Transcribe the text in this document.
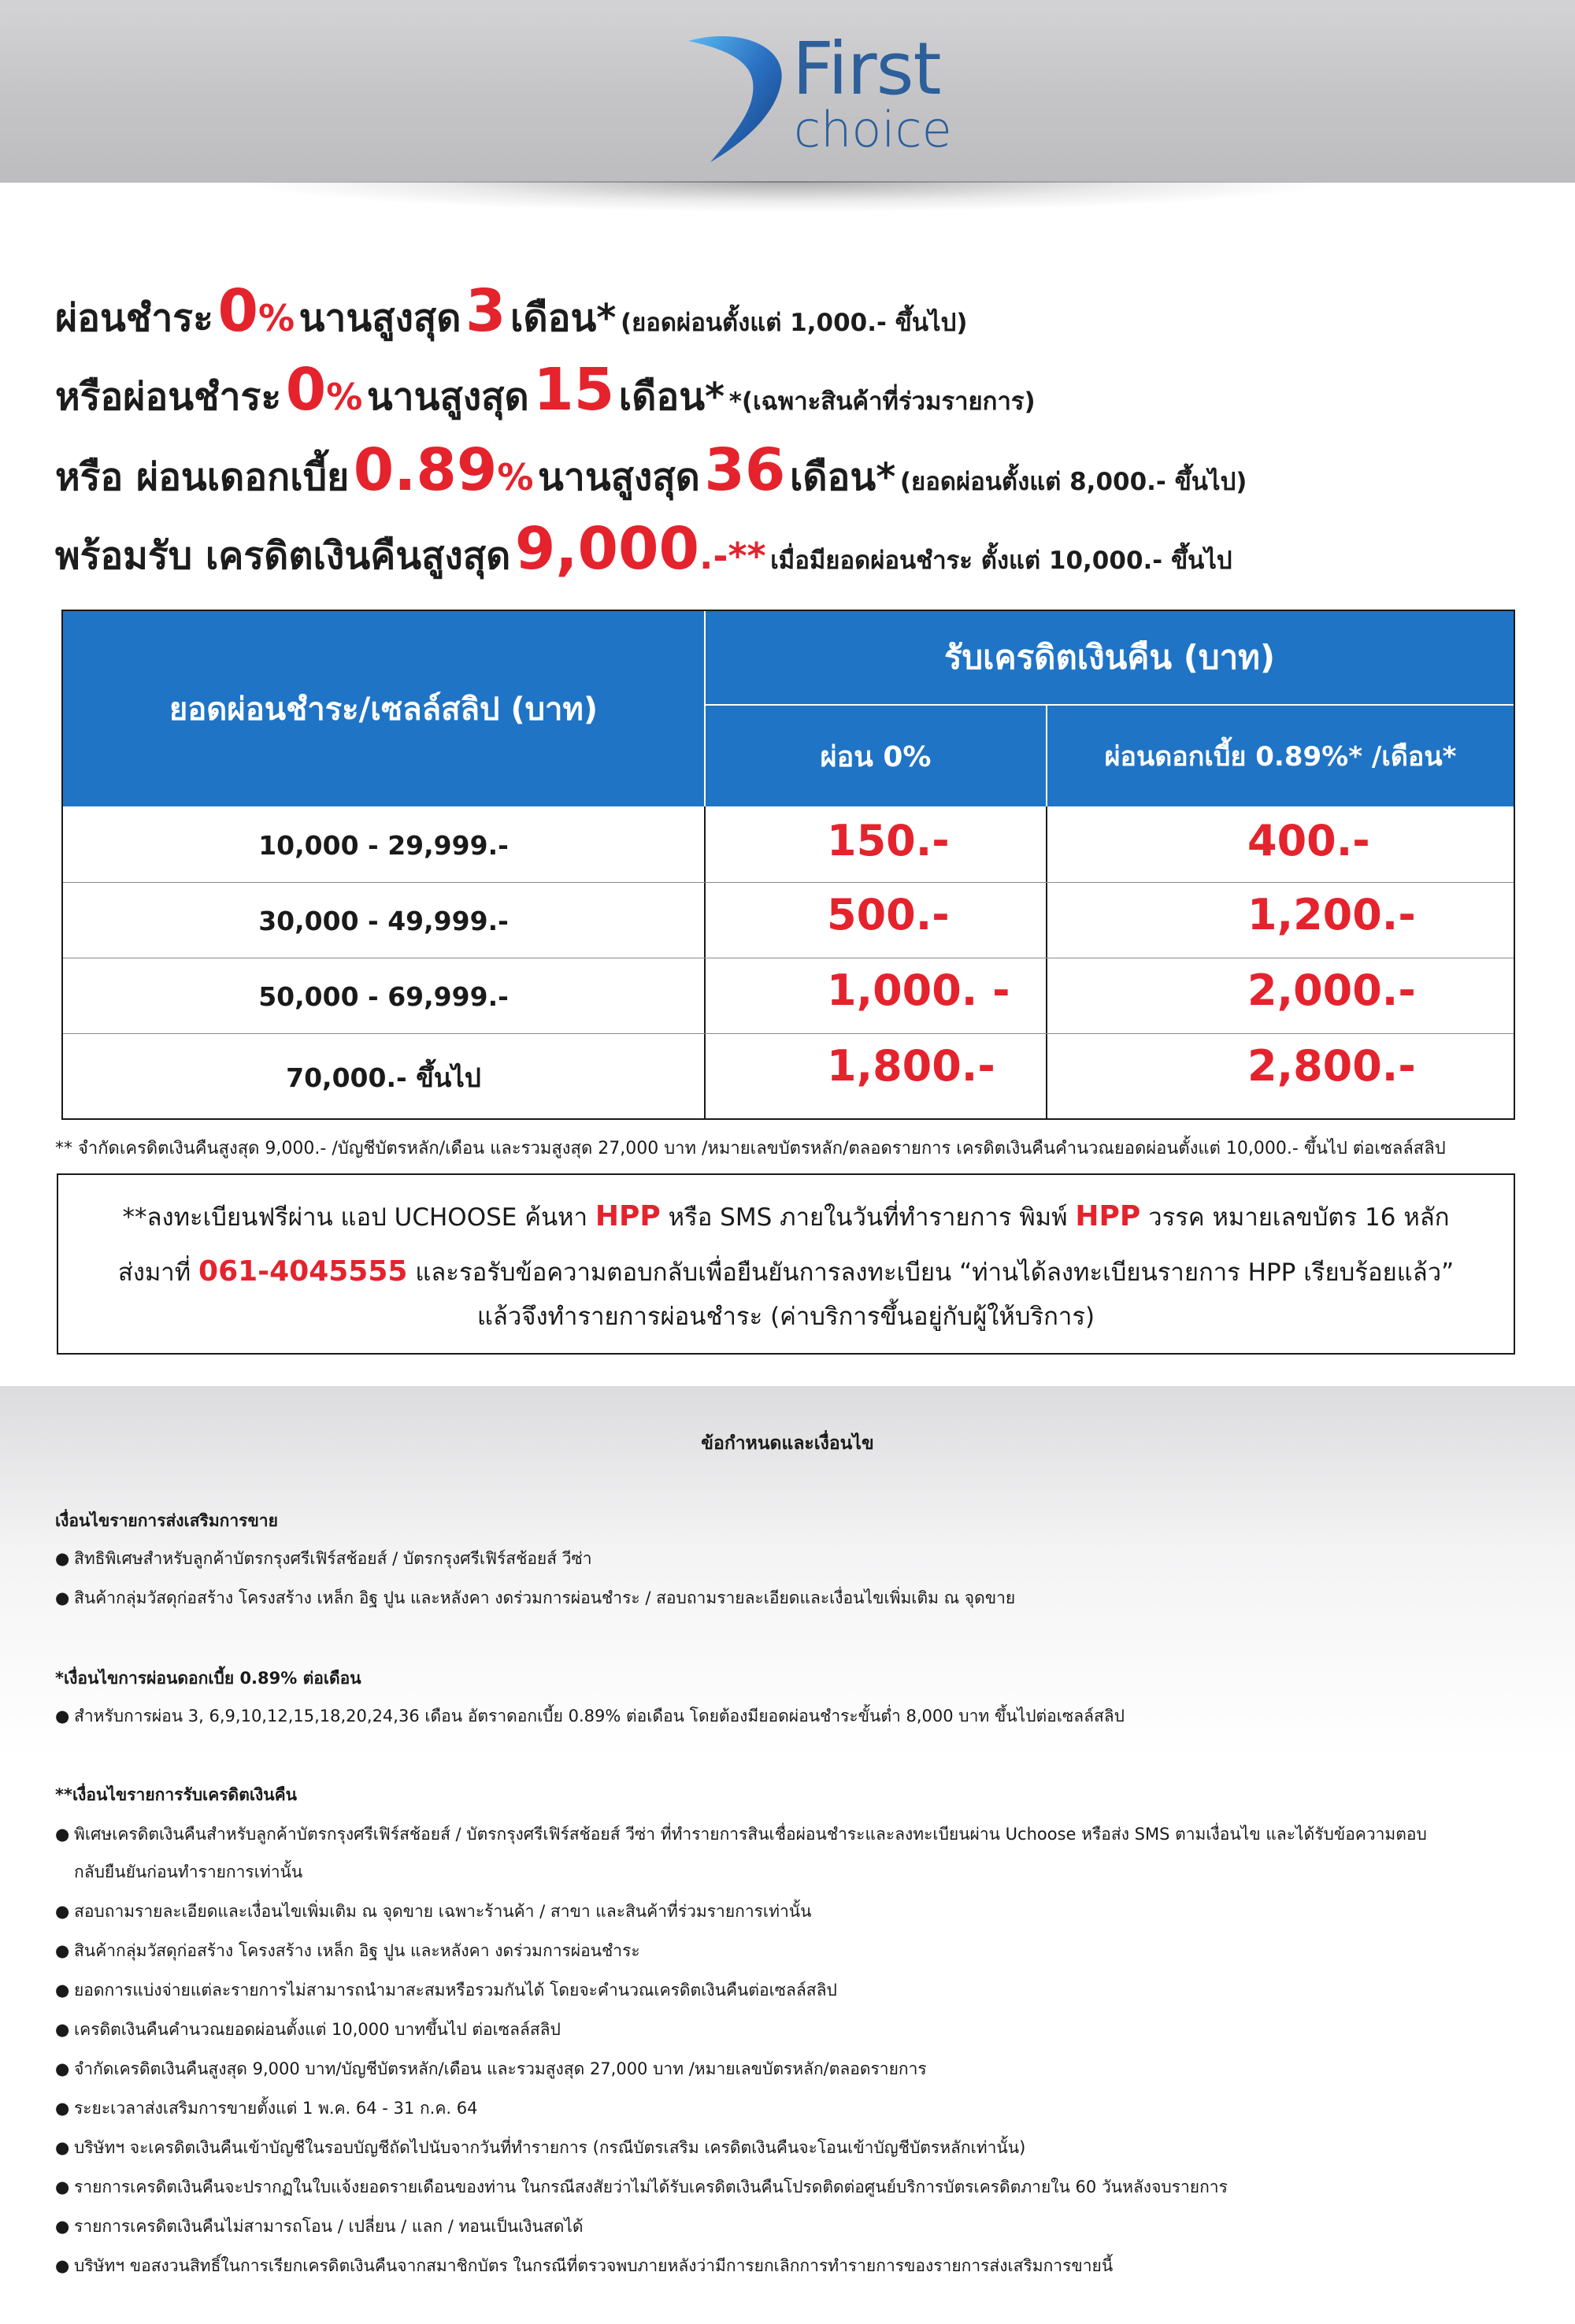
First
choice
ผ่อนชำระ 0% นานสูงสุด 3 เดือน* (ยอดผ่อนตั้งแต่ 1,000.- ขึ้นไป)
หรือผ่อนชำระ 0% นานสูงสุด 15 เดือน* *(เฉพาะสินค้าที่ร่วมรายการ)
หรือ ผ่อนเดอกเบี้ย 0.89% นานสูงสุด 36 เดือน* (ยอดผ่อนตั้งแต่ 8,000.- ขึ้นไป)
พร้อมรับ เครดิตเงินคืนสูงสุด 9,000.-** เมื่อมียอดผ่อนชำระ ตั้งแต่ 10,000.- ขึ้นไป
ยอดผ่อนชำระ/เซลล์สลิป (บาท)
รับเครดิตเงินคืน (บาท)
ผ่อน 0%	ผ่อนดอกเบี้ย 0.89%* /เดือน*
10,000 - 29,999.-	150.-	400.-
30,000 - 49,999.-	500.-	1,200.-
50,000 - 69,999.-	1,000. -	2,000.-
70,000.- ขึ้นไป	1,800.-	2,800.-
** จำกัดเครดิตเงินคืนสูงสุด 9,000.- /บัญชีบัตรหลัก/เดือน และรวมสูงสุด 27,000 บาท /หมายเลขบัตรหลัก/ตลอดรายการ เครดิตเงินคืนคำนวณยอดผ่อนตั้งแต่ 10,000.- ขึ้นไป ต่อเซลล์สลิป
**ลงทะเบียนฟรีผ่าน แอป UCHOOSE ค้นหา HPP หรือ SMS ภายในวันที่ทำรายการ พิมพ์ HPP วรรค หมายเลขบัตร 16 หลัก
ส่งมาที่ 061-4045555 และรอรับข้อความตอบกลับเพื่อยืนยันการลงทะเบียน “ท่านได้ลงทะเบียนรายการ HPP เรียบร้อยแล้ว”
แล้วจึงทำรายการผ่อนชำระ (ค่าบริการขึ้นอยู่กับผู้ให้บริการ)
ข้อกำหนดและเงื่อนไข
เงื่อนไขรายการส่งเสริมการขาย
● สิทธิพิเศษสำหรับลูกค้าบัตรกรุงศรีเฟิร์สช้อยส์ / บัตรกรุงศรีเฟิร์สช้อยส์ วีซ่า
● สินค้ากลุ่มวัสดุก่อสร้าง โครงสร้าง เหล็ก อิฐ ปูน และหลังคา งดร่วมการผ่อนชำระ / สอบถามรายละเอียดและเงื่อนไขเพิ่มเติม ณ จุดขาย
*เงื่อนไขการผ่อนดอกเบี้ย 0.89% ต่อเดือน
● สำหรับการผ่อน 3, 6,9,10,12,15,18,20,24,36 เดือน อัตราดอกเบี้ย 0.89% ต่อเดือน โดยต้องมียอดผ่อนชำระขั้นต่ำ 8,000 บาท ขึ้นไปต่อเซลล์สลิป
**เงื่อนไขรายการรับเครดิตเงินคืน
● พิเศษเครดิตเงินคืนสำหรับลูกค้าบัตรกรุงศรีเฟิร์สช้อยส์ / บัตรกรุงศรีเฟิร์สช้อยส์ วีซ่า ที่ทำรายการสินเชื่อผ่อนชำระและลงทะเบียนผ่าน Uchoose หรือส่ง SMS ตามเงื่อนไข และได้รับข้อความตอบ
กลับยืนยันก่อนทำรายการเท่านั้น
● สอบถามรายละเอียดและเงื่อนไขเพิ่มเติม ณ จุดขาย เฉพาะร้านค้า / สาขา และสินค้าที่ร่วมรายการเท่านั้น
● สินค้ากลุ่มวัสดุก่อสร้าง โครงสร้าง เหล็ก อิฐ ปูน และหลังคา งดร่วมการผ่อนชำระ
● ยอดการแบ่งจ่ายแต่ละรายการไม่สามารถนำมาสะสมหรือรวมกันได้ โดยจะคำนวณเครดิตเงินคืนต่อเซลล์สลิป
● เครดิตเงินคืนคำนวณยอดผ่อนตั้งแต่ 10,000 บาทขึ้นไป ต่อเซลล์สลิป
● จำกัดเครดิตเงินคืนสูงสุด 9,000 บาท/บัญชีบัตรหลัก/เดือน และรวมสูงสุด 27,000 บาท /หมายเลขบัตรหลัก/ตลอดรายการ
● ระยะเวลาส่งเสริมการขายตั้งแต่ 1 พ.ค. 64 - 31 ก.ค. 64
● บริษัทฯ จะเครดิตเงินคืนเข้าบัญชีในรอบบัญชีถัดไปนับจากวันที่ทำรายการ (กรณีบัตรเสริม เครดิตเงินคืนจะโอนเข้าบัญชีบัตรหลักเท่านั้น)
● รายการเครดิตเงินคืนจะปรากฏในใบแจ้งยอดรายเดือนของท่าน ในกรณีสงสัยว่าไม่ได้รับเครดิตเงินคืนโปรดติดต่อศูนย์บริการบัตรเครดิตภายใน 60 วันหลังจบรายการ
● รายการเครดิตเงินคืนไม่สามารถโอน / เปลี่ยน / แลก / ทอนเป็นเงินสดได้
● บริษัทฯ ขอสงวนสิทธิ์ในการเรียกเครดิตเงินคืนจากสมาชิกบัตร ในกรณีที่ตรวจพบภายหลังว่ามีการยกเลิกการทำรายการของรายการส่งเสริมการขายนี้
